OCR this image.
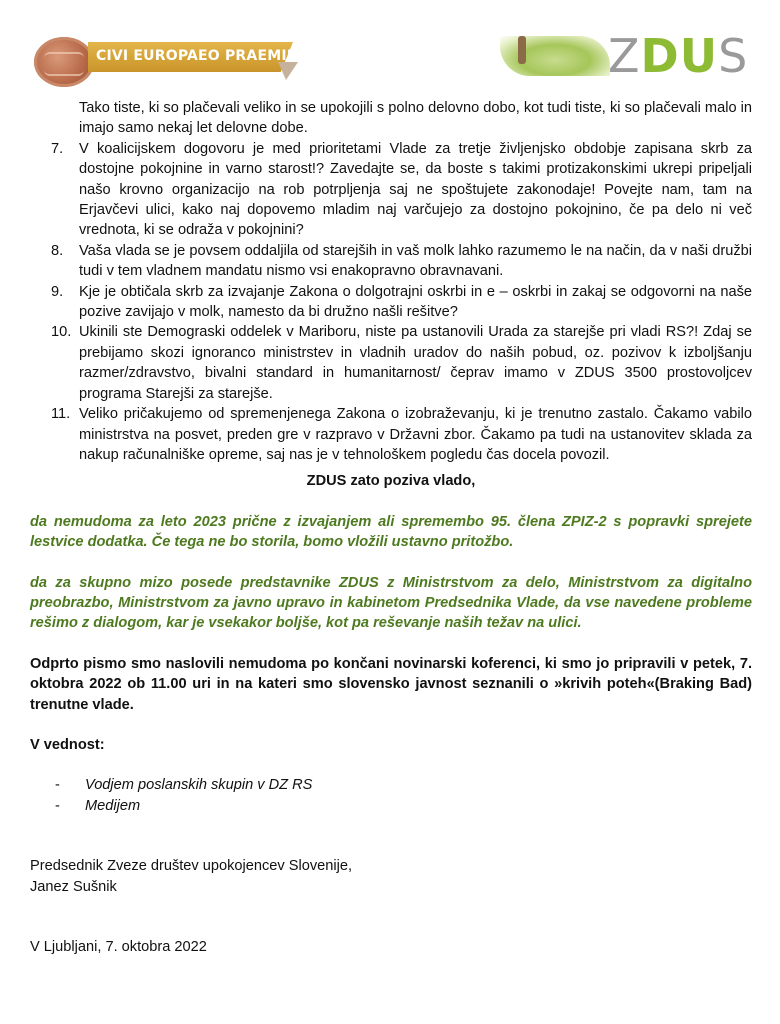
CIVI EUROPAEO PRAEMIUM	ZDUS

Tako tiste, ki so plačevali veliko in se upokojili s polno delovno dobo, kot tudi tiste, ki so plačevali malo in imajo samo nekaj let delovne dobe.

7. V koalicijskem dogovoru je med prioritetami Vlade za tretje življenjsko obdobje zapisana skrb za dostojne pokojnine in varno starost!? Zavedajte se, da boste s takimi protizakonskimi ukrepi pripeljali našo krovno organizacijo na rob potrpljenja saj ne spoštujete zakonodaje! Povejte nam, tam na Erjavčevi ulici, kako naj dopovemo mladim naj varčujejo za dostojno pokojnino, če pa delo ni več vrednota, ki se odraža v pokojnini?

8. Vaša vlada se je povsem oddaljila od starejših in vaš molk lahko razumemo le na način, da v naši družbi tudi v tem vladnem mandatu nismo vsi enakopravno obravnavani.

9. Kje je obtičala skrb za izvajanje Zakona o dolgotrajni oskrbi in e – oskrbi in zakaj se odgovorni na naše pozive zavijajo v molk, namesto da bi družno našli rešitve?

10. Ukinili ste Demograski oddelek v Mariboru, niste pa ustanovili Urada za starejše pri vladi RS?! Zdaj se prebijamo skozi ignoranco ministrstev in vladnih uradov do naših pobud, oz. pozivov k izboljšanju razmer/zdravstvo, bivalni standard in humanitarnost/ čeprav imamo v ZDUS 3500 prostovoljcev programa Starejši za starejše.

11. Veliko pričakujemo od spremenjenega Zakona o izobraževanju, ki je trenutno zastalo. Čakamo vabilo ministrstva na posvet, preden gre v razpravo v Državni zbor. Čakamo pa tudi na ustanovitev sklada za nakup računalniške opreme, saj nas je v tehnološkem pogledu čas docela povozil.

ZDUS zato poziva vlado,

da nemudoma za leto 2023 prične z izvajanjem ali spremembo 95. člena ZPIZ-2 s popravki sprejete lestvice dodatka. Če tega ne bo storila, bomo vložili ustavno pritožbo.

da za skupno mizo posede predstavnike ZDUS z Ministrstvom za delo, Ministrstvom za digitalno preobrazbo, Ministrstvom za javno upravo in kabinetom Predsednika Vlade, da vse navedene probleme rešimo z dialogom, kar je vsekakor boljše, kot pa reševanje naših težav na ulici.

Odprto pismo smo naslovili nemudoma po končani novinarski koferenci, ki smo jo pripravili v petek, 7. oktobra 2022 ob 11.00 uri in na kateri smo slovensko javnost seznanili o »krivih poteh«(Braking Bad) trenutne vlade.

V vednost:

- Vodjem poslanskih skupin v DZ RS

- Medijem

Predsednik Zveze društev upokojencev Slovenije,

Janez Sušnik

V Ljubljani, 7. oktobra 2022
